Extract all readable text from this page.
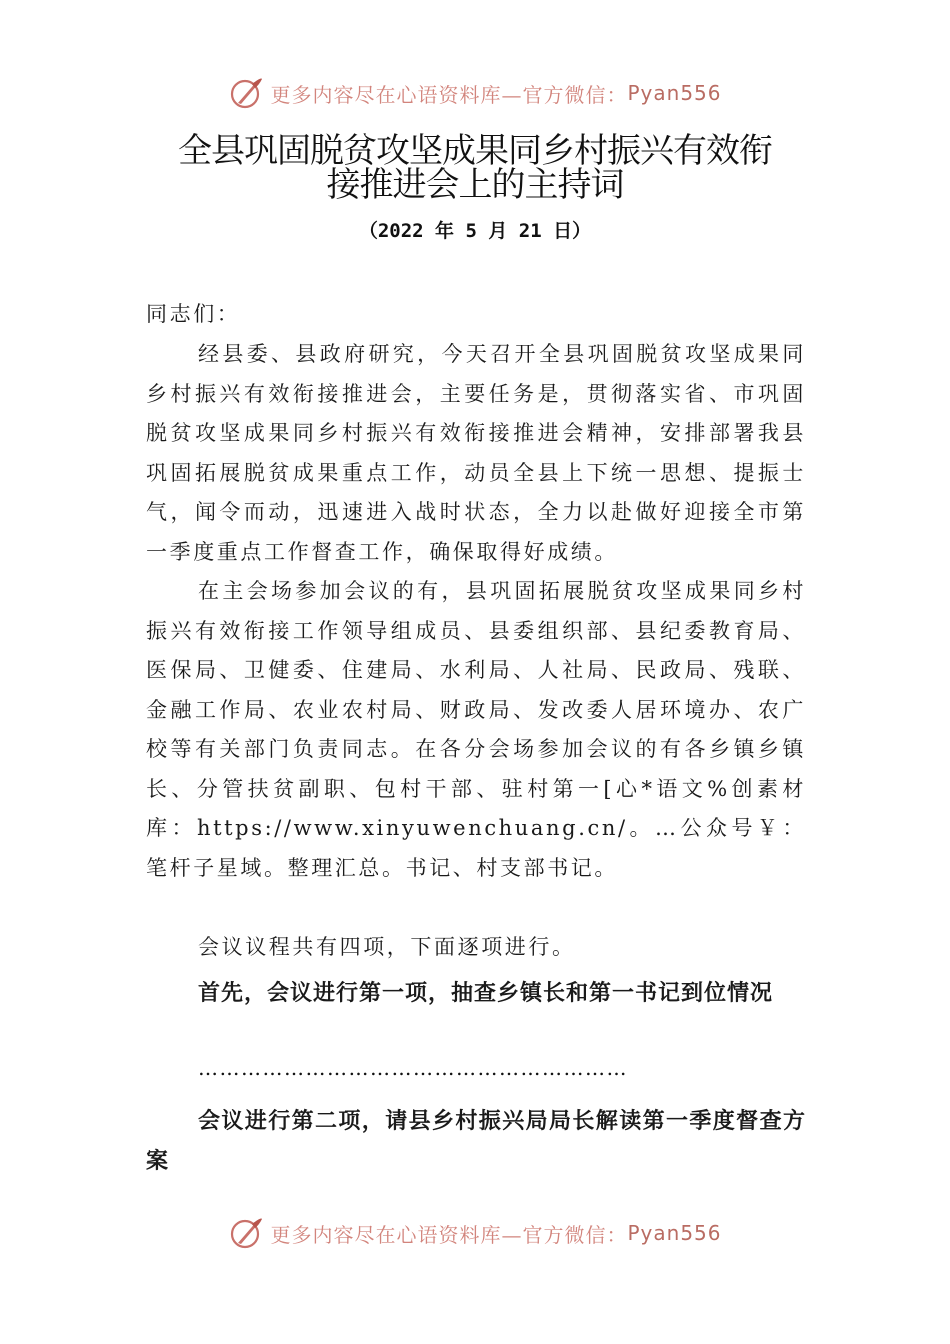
更多内容尽在心语资料库—官方微信： Pyan556
全县巩固脱贫攻坚成果同乡村振兴有效衔
接推进会上的主持词
（2022 年 5 月 21 日）

同志们：

经县委、县政府研究，今天召开全县巩固脱贫攻坚成果同乡村振兴有效衔接推进会，主要任务是，贯彻落实省、市巩固脱贫攻坚成果同乡村振兴有效衔接推进会精神，安排部署我县巩固拓展脱贫成果重点工作，动员全县上下统一思想、提振士气，闻令而动，迅速进入战时状态，全力以赴做好迎接全市第一季度重点工作督查工作，确保取得好成绩。

在主会场参加会议的有，县巩固拓展脱贫攻坚成果同乡村振兴有效衔接工作领导组成员、县委组织部、县纪委教育局、医保局、卫健委、住建局、水利局、人社局、民政局、残联、金融工作局、农业农村局、财政局、发改委人居环境办、农广校等有关部门负责同志。在各分会场参加会议的有各乡镇乡镇长、分管扶贫副职、包村干部、驻村第一[心*语文%创素材库：https://www.xinyuwenchuang.cn/。…公众号￥：笔杆子星域。整理汇总。书记、村支部书记。

会议议程共有四项，下面逐项进行。

首先，会议进行第一项，抽查乡镇长和第一书记到位情况

……………………………………………………

会议进行第二项，请县乡村振兴局局长解读第一季度督查方案

更多内容尽在心语资料库—官方微信： Pyan556
